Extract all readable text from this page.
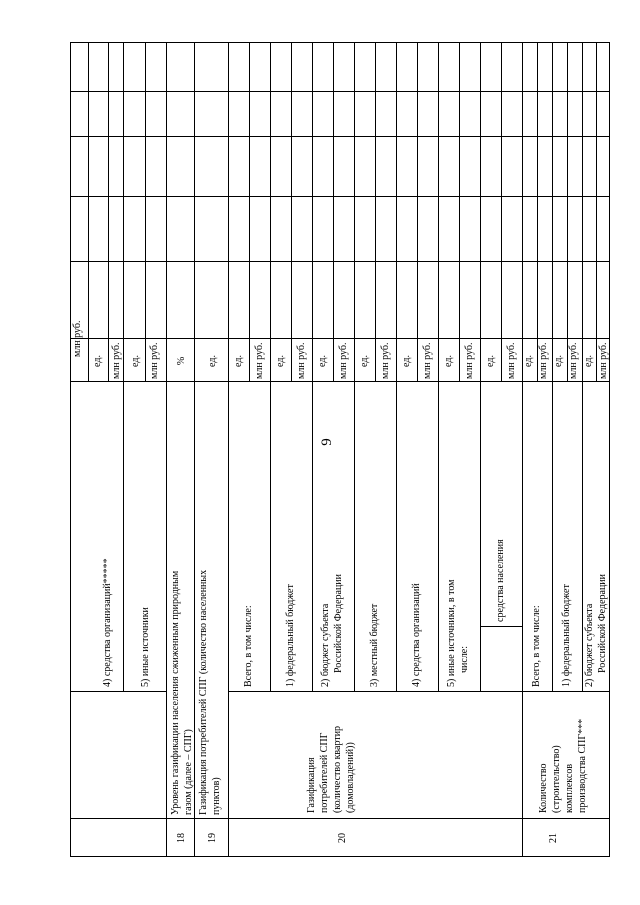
9
млн руб.
4) средства организаций*****
ед. млн руб.
5) иные источники
ед. млн руб.
18
Уровень газификации населения сжиженным природным газом (далее – СПГ)
%
19
Газификация потребителей СПГ (количество населенных пунктов)
ед.
20
Газификация потребителей СПГ (количество квартир (домовладений))
Всего, в том числе:
ед. млн руб.
1) федеральный бюджет
ед. млн руб.
2) бюджет субъекта Российской Федерации
ед. млн руб.
3) местный бюджет
ед. млн руб.
4) средства организаций
ед. млн руб.
5) иные источники, в том числе:
ед. млн руб.
средства населения
ед. млн руб.
21
Количество (строительство) комплексов производства СПГ***
Всего, в том числе:
ед. млн руб.
1) федеральный бюджет
ед. млн руб.
2) бюджет субъекта Российской Федерации
ед. млн руб.
